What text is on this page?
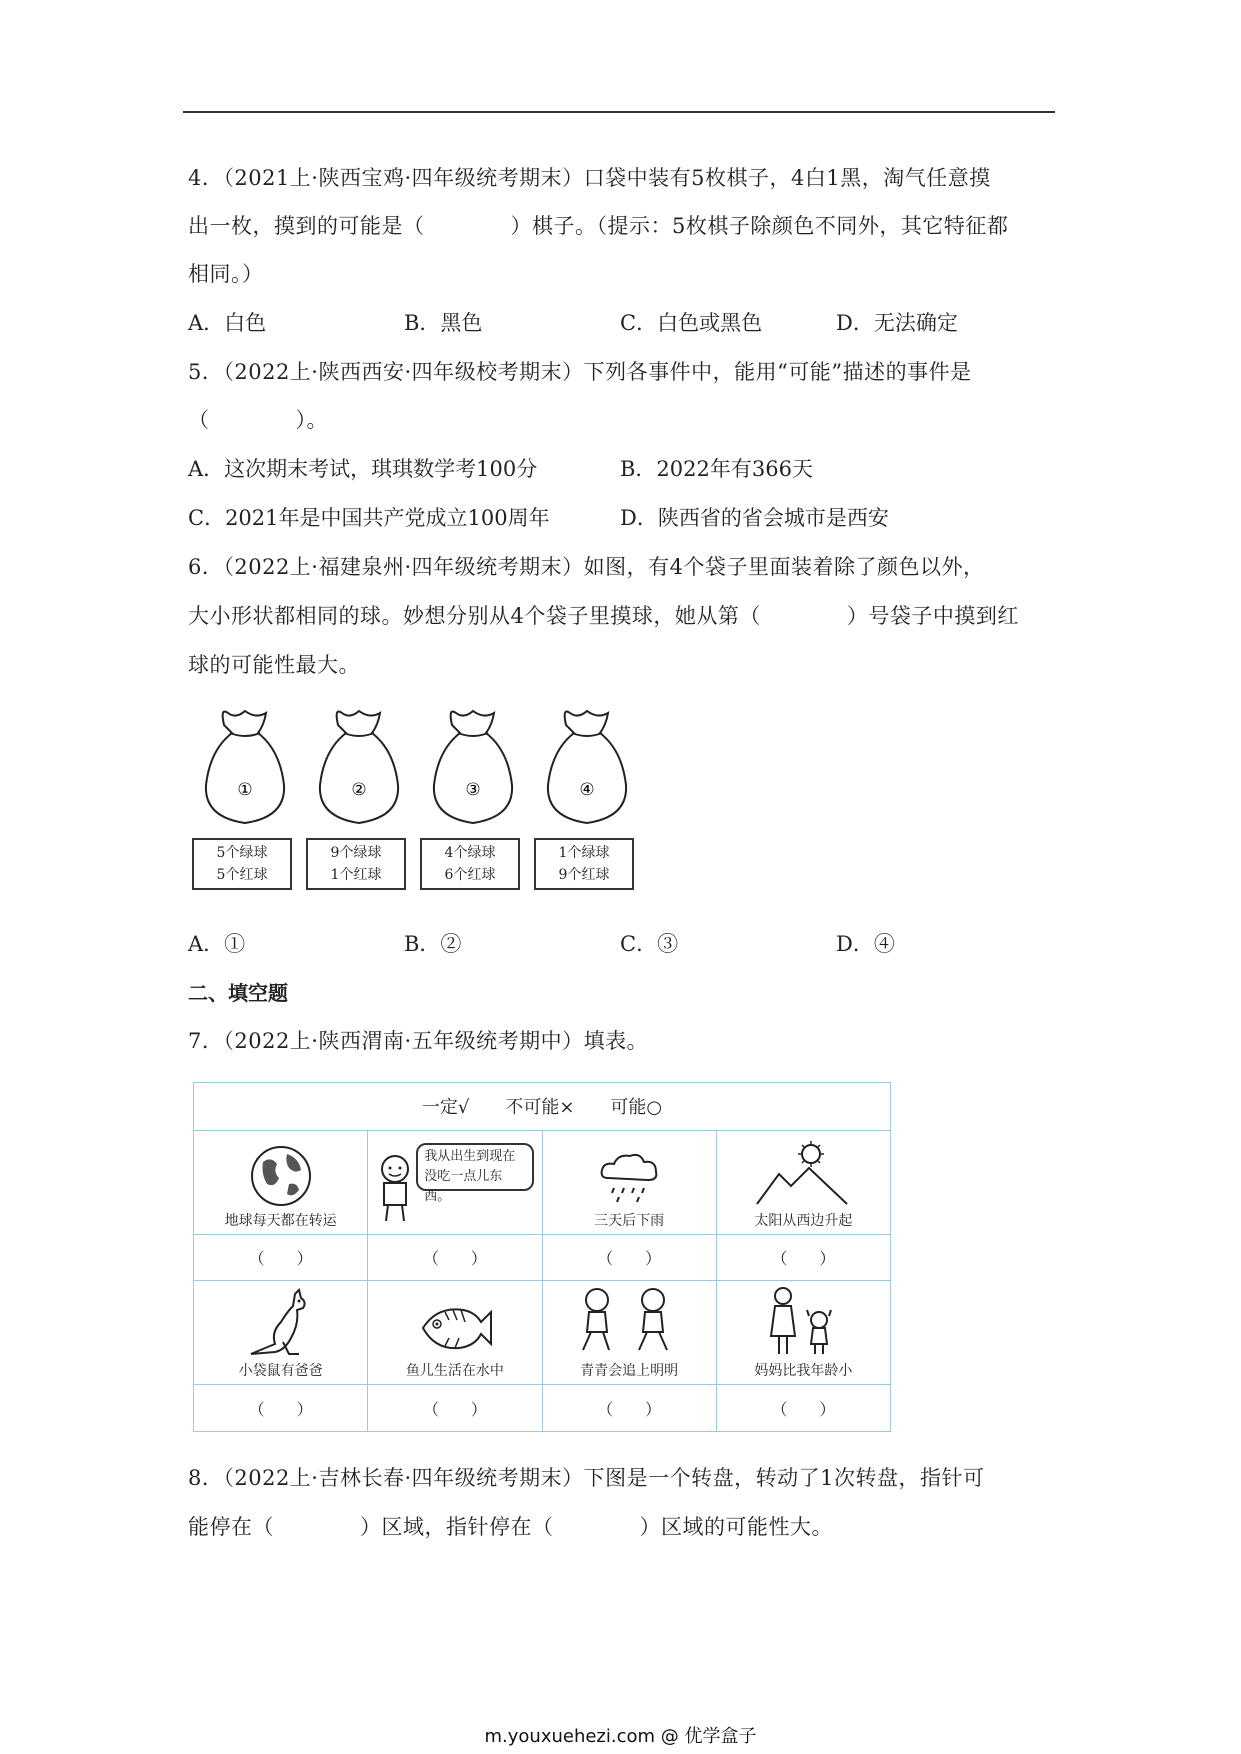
4．（2021上·陕西宝鸡·四年级统考期末）口袋中装有5枚棋子，4白1黑，淘气任意摸
出一枚，摸到的可能是（　　　　）棋子。（提示：5枚棋子除颜色不同外，其它特征都
相同。）
A．白色	B．黑色	C．白色或黑色	D．无法确定
5．（2022上·陕西西安·四年级校考期末）下列各事件中，能用“可能”描述的事件是
（　　　　）。
A．这次期末考试，琪琪数学考100分	B．2022年有366天
C．2021年是中国共产党成立100周年	D．陕西省的省会城市是西安
6．（2022上·福建泉州·四年级统考期末）如图，有4个袋子里面装着除了颜色以外，
大小形状都相同的球。妙想分别从4个袋子里摸球，她从第（　　　　）号袋子中摸到红
球的可能性最大。
①
5个绿球
5个红球
②
9个绿球
1个红球
③
4个绿球
6个红球
④
1个绿球
9个红球
A．①	B．②	C．③	D．④
二、填空题
7．（2022上·陕西渭南·五年级统考期中）填表。
一定√　　不可能×　　可能○			

地球每天都在转运	我从出生到现在没吃一点儿东西。	三天后下雨	太阳从西边升起

（　　）	（　　）	（　　）	（　　）

小袋鼠有爸爸	鱼儿生活在水中	青青会追上明明	妈妈比我年龄小

（　　）	（　　）	（　　）	（　　）
8．（2022上·吉林长春·四年级统考期末）下图是一个转盘，转动了1次转盘，指针可
能停在（　　　　）区域，指针停在（　　　　）区域的可能性大。
m.youxuehezi.com @ 优学盒子
